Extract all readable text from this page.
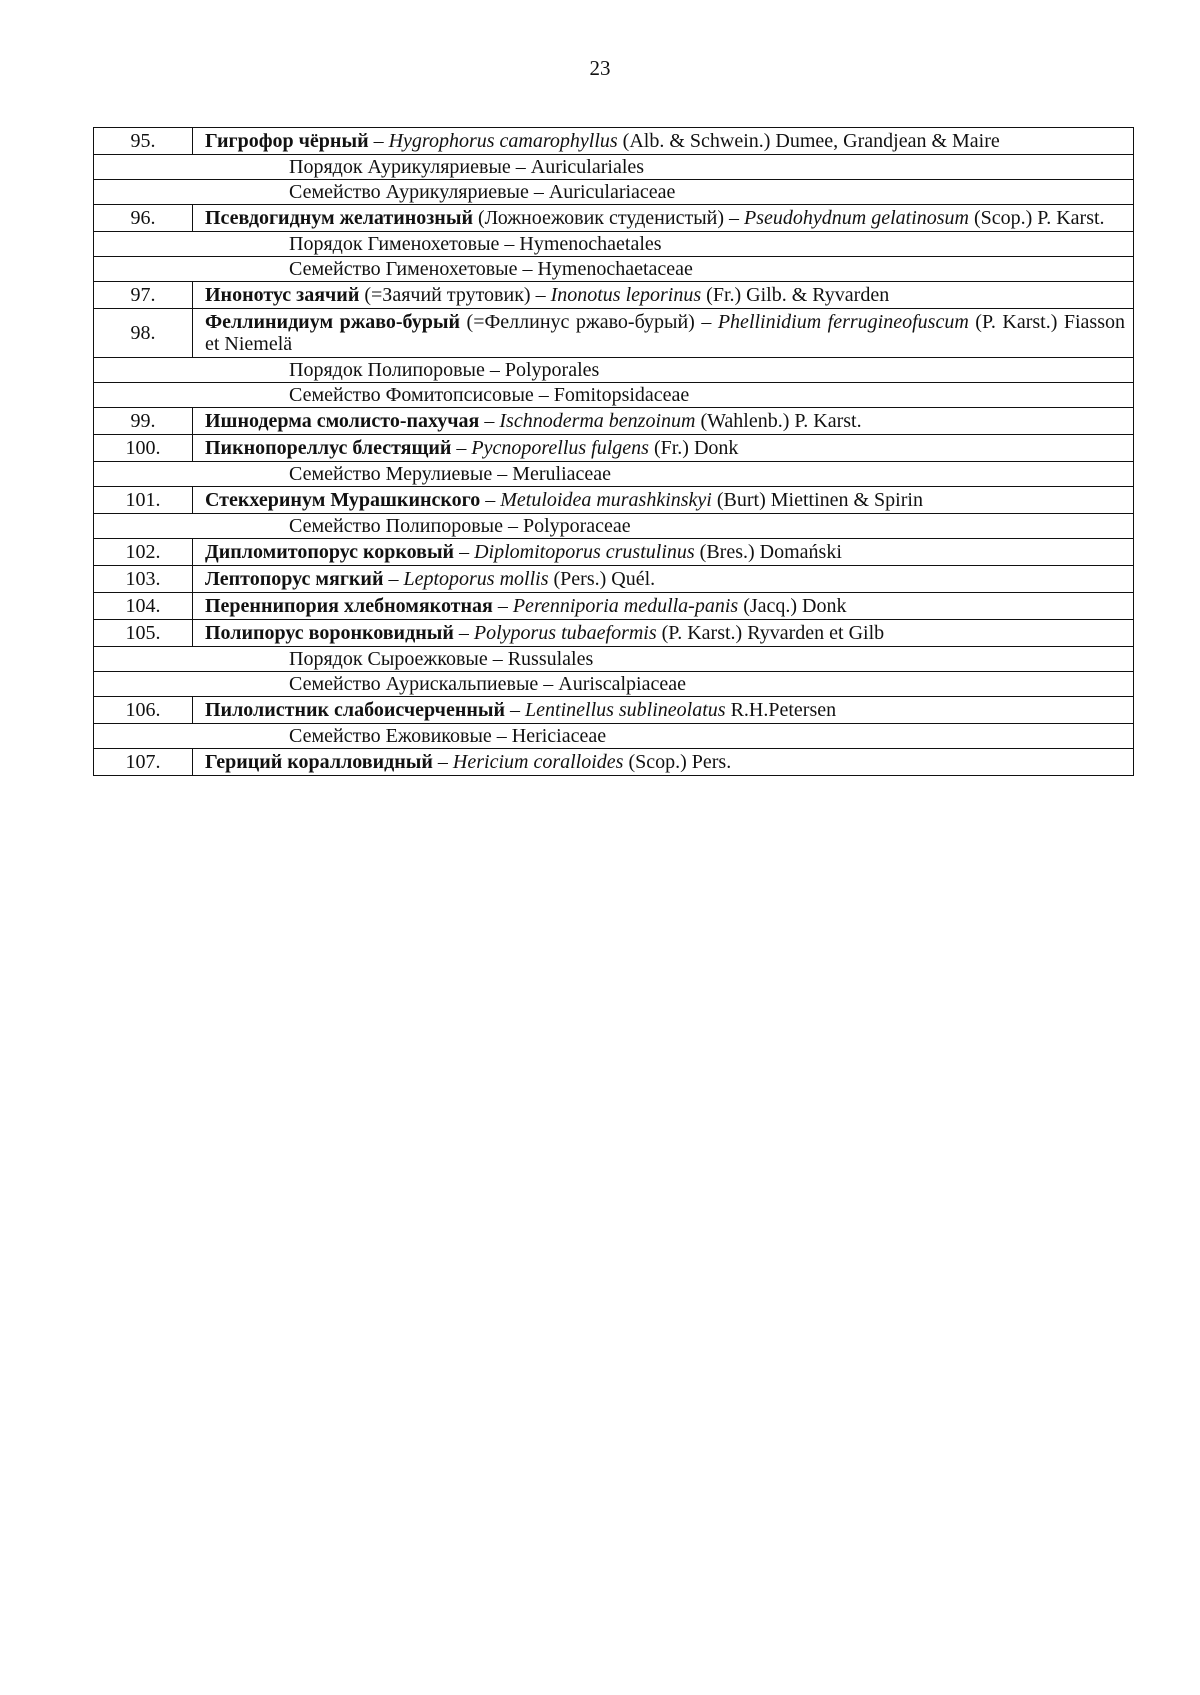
23
95.	Гигрофор чёрный – Hygrophorus camarophyllus (Alb. & Schwein.) Dumee, Grandjean & Maire
Порядок Аурикуляриевые – Auriculariales	
Семейство Аурикуляриевые – Auriculariaceae	
96.	Псевдогиднум желатинозный (Ложноежовик студенистый) – Pseudohydnum gelatinosum (Scop.) P. Karst.
Порядок Гименохетовые – Hymenochaetales	
Семейство Гименохетовые – Hymenochaetaceae	
97.	Инонотус заячий (=Заячий трутовик) – Inonotus leporinus (Fr.) Gilb. & Ryvarden
98.	Феллинидиум ржаво-бурый (=Феллинус ржаво-бурый) – Phellinidium ferrugineofuscum (P. Karst.) Fiasson et Niemelä
Порядок Полипоровые – Polyporales	
Семейство Фомитопсисовые – Fomitopsidaceae	
99.	Ишнодерма смолисто-пахучая – Ischnoderma benzoinum (Wahlenb.) P. Karst.
100.	Пикнопореллус блестящий – Pycnoporellus fulgens (Fr.) Donk
Семейство Мерулиевые – Meruliaceae	
101.	Стекхеринум Мурашкинского – Metuloidea murashkinskyi (Burt) Miettinen & Spirin
Семейство Полипоровые – Polyporaceae	
102.	Дипломитопорус корковый – Diplomitoporus crustulinus (Bres.) Domański
103.	Лептопорус мягкий – Leptoporus mollis (Pers.) Quél.
104.	Переннипория хлебномякотная – Perenniporia medulla-panis (Jacq.) Donk
105.	Полипорус воронковидный – Polyporus tubaeformis (P. Karst.) Ryvarden et Gilb
Порядок Сыроежковые – Russulales	
Семейство Аурискальпиевые – Auriscalpiaceae	
106.	Пилолистник слабоисчерченный – Lentinellus sublineolatus R.H.Petersen
Семейство Ежовиковые – Hericiaceae	
107.	Гериций коралловидный – Hericium coralloides (Scop.) Pers.
